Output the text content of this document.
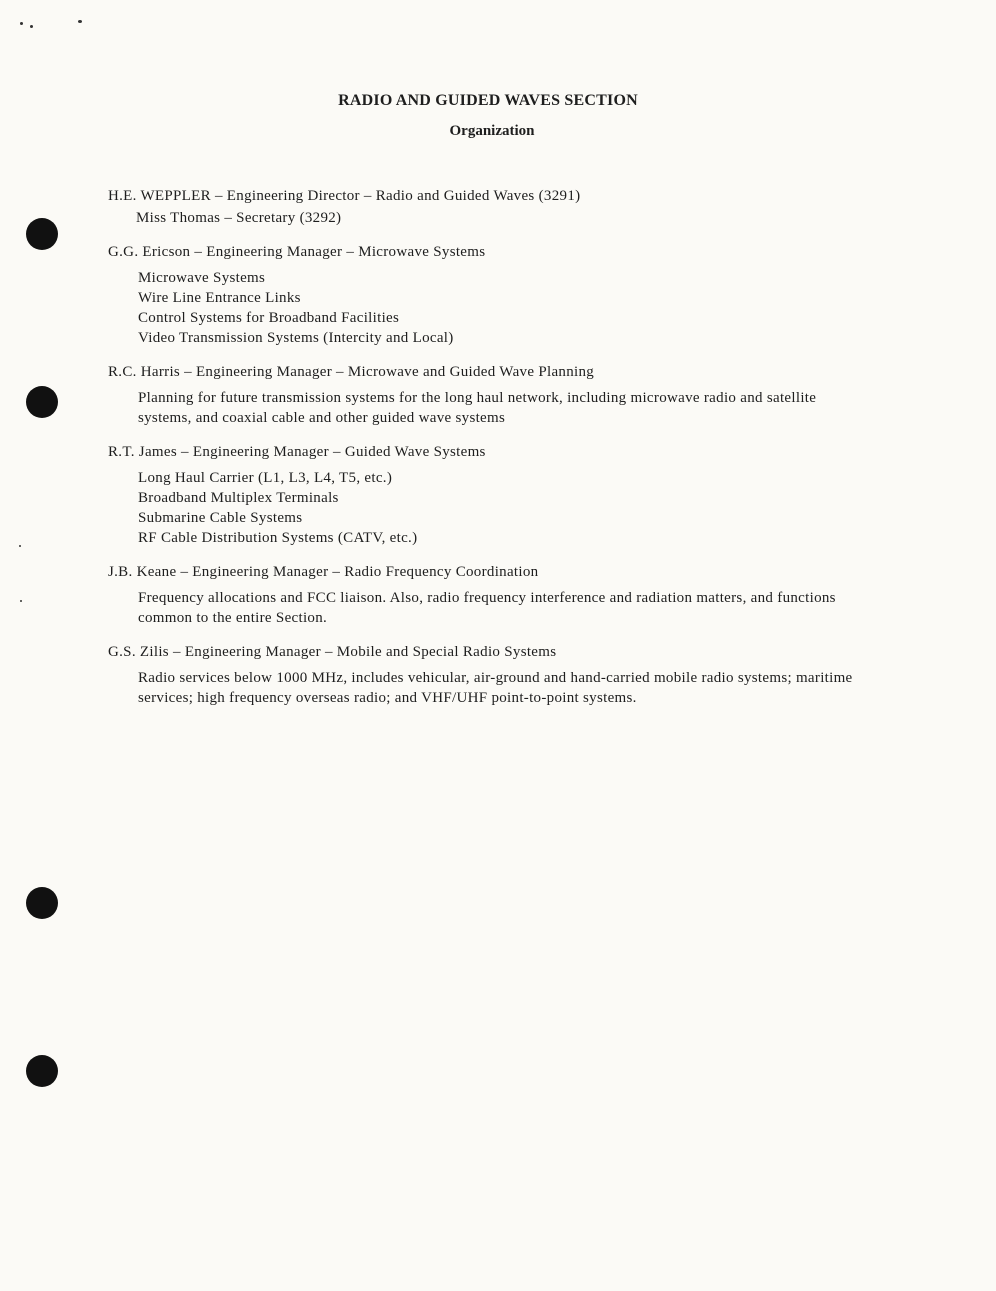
RADIO AND GUIDED WAVES SECTION
Organization
H.E. WEPPLER – Engineering Director – Radio and Guided Waves (3291)
Miss Thomas – Secretary (3292)
G.G. Ericson – Engineering Manager – Microwave Systems
Microwave Systems
Wire Line Entrance Links
Control Systems for Broadband Facilities
Video Transmission Systems (Intercity and Local)
R.C. Harris – Engineering Manager – Microwave and Guided Wave Planning
Planning for future transmission systems for the long haul network, including microwave radio and satellite systems, and coaxial cable and other guided wave systems
R.T. James – Engineering Manager – Guided Wave Systems
Long Haul Carrier (L1, L3, L4, T5, etc.)
Broadband Multiplex Terminals
Submarine Cable Systems
RF Cable Distribution Systems (CATV, etc.)
J.B. Keane – Engineering Manager – Radio Frequency Coordination
Frequency allocations and FCC liaison. Also, radio frequency interference and radiation matters, and functions common to the entire Section.
G.S. Zilis – Engineering Manager – Mobile and Special Radio Systems
Radio services below 1000 MHz, includes vehicular, air-ground and hand-carried mobile radio systems; maritime services; high frequency overseas radio; and VHF/UHF point-to-point systems.
